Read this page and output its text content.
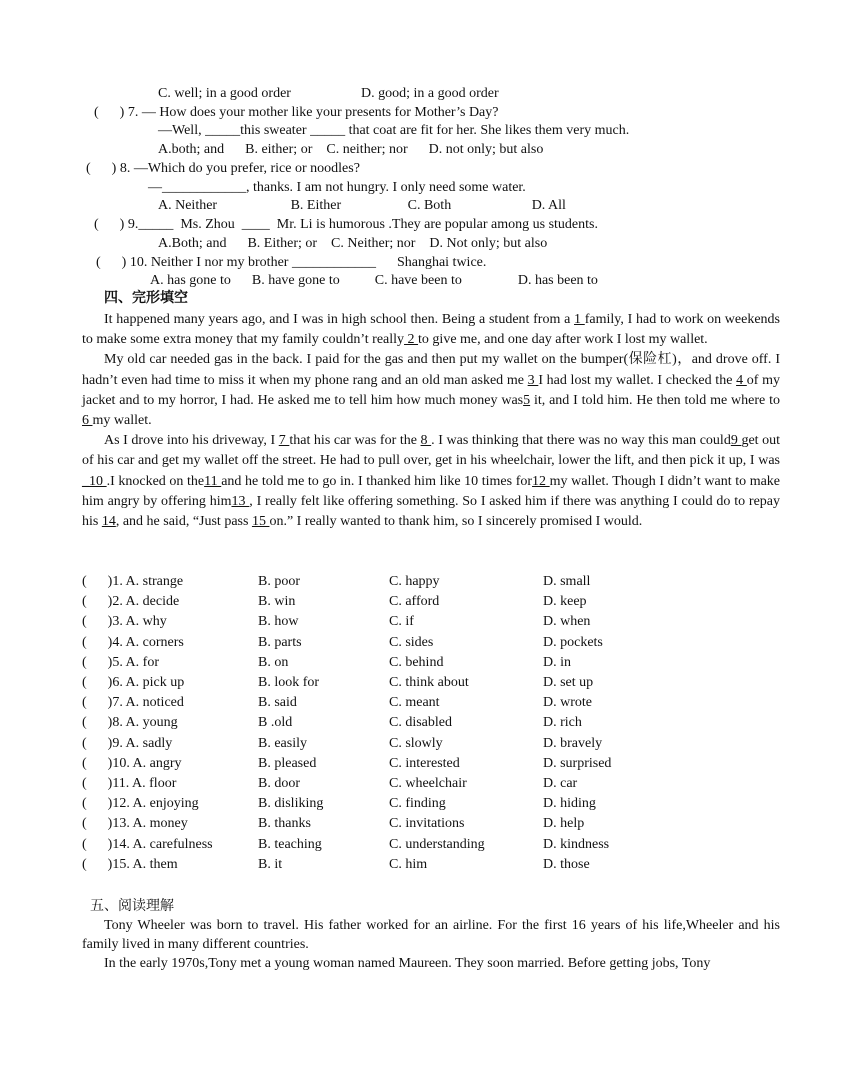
C. well; in a good order                    D. good; in a good order
(      ) 7. — How does your mother like your presents for Mother’s Day?
—Well, _____this sweater _____ that coat are fit for her. She likes them very much.
A.both; and      B. either; or    C. neither; nor      D. not only; but also
(      ) 8. —Which do you prefer, rice or noodles?
—____________, thanks. I am not hungry. I only need some water.
A. Neither                     B. Either                   C. Both                       D. All
(      ) 9._____  Ms. Zhou  ____  Mr. Li is humorous .They are popular among us students.
A.Both; and      B. Either; or    C. Neither; nor    D. Not only; but also
(      ) 10. Neither I nor my brother ____________      Shanghai twice.
A. has gone to      B. have gone to          C. have been to                D. has been to
四、完形填空

It happened many years ago, and I was in high school then. Being a student from a 1 family, I had to work on weekends to make some extra money that my family couldn’t really 2 to give me, and one day after work I lost my wallet.

My old car needed gas in the back. I paid for the gas and then put my wallet on the bumper(保险杠)，and drove off. I hadn’t even had time to miss it when my phone rang and an old man asked me 3 I had lost my wallet. I checked the 4 of my jacket and to my horror, I had. He asked me to tell him how much money was5 it, and I told him. He then told me where to 6 my wallet.

As I drove into his driveway, I 7 that his car was for the 8 . I was thinking that there was no way this man could9 get out of his car and get my wallet off the street. He had to pull over, get in his wheelchair, lower the lift, and then pick it up, I was _10 .I knocked on the11 and he told me to go in. I thanked him like 10 times for12 my wallet. Though I didn’t want to make him angry by offering him13 , I really felt like offering something. So I asked him if there was anything I could do to repay his 14, and he said, “Just pass 15 on.” I really wanted to thank him, so I sincerely promised I would.

(      )1. A. strange	B. poor	C. happy	D. small
(      )2. A. decide	B. win	C. afford	D. keep
(      )3. A. why	B. how	C. if	D. when
(      )4. A. corners	B. parts	C. sides	D. pockets
(      )5. A. for	B. on	C. behind	D. in
(      )6. A. pick up	B. look for	C. think about	D. set up
(      )7. A. noticed	B. said	C. meant	D. wrote
(      )8. A. young	B .old	C. disabled	D. rich
(      )9. A. sadly	B. easily	C. slowly	D. bravely
(      )10. A. angry	B. pleased	C. interested	D. surprised
(      )11. A. floor	B. door	C. wheelchair	D. car
(      )12. A. enjoying	B. disliking	C. finding	D. hiding
(      )13. A. money	B. thanks	C. invitations	D. help
(      )14. A. carefulness	B. teaching	C. understanding	D. kindness
(      )15. A. them	B. it	C. him	D. those
五、阅读理解

Tony Wheeler was born to travel. His father worked for an airline. For the first 16 years of his life,Wheeler and his family lived in many different countries.

In the early 1970s,Tony met a young woman named Maureen. They soon married. Before getting jobs, Tony
